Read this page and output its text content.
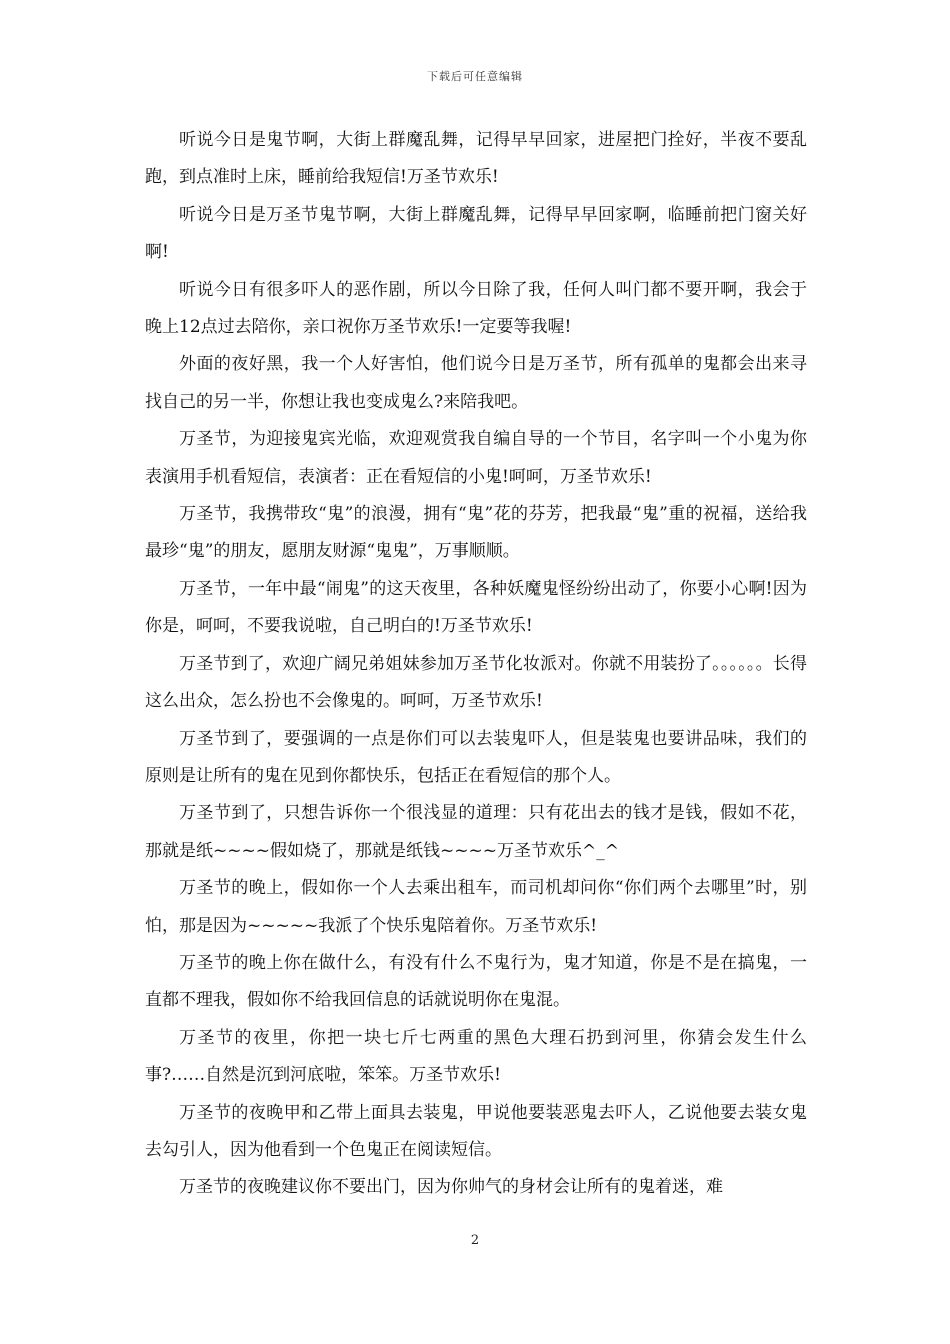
下载后可任意编辑

听说今日是鬼节啊，大街上群魔乱舞，记得早早回家，进屋把门拴好，半夜不要乱跑，到点准时上床，睡前给我短信!万圣节欢乐!

听说今日是万圣节鬼节啊，大街上群魔乱舞，记得早早回家啊，临睡前把门窗关好啊!

听说今日有很多吓人的恶作剧，所以今日除了我，任何人叫门都不要开啊，我会于晚上12点过去陪你，亲口祝你万圣节欢乐!一定要等我喔!

外面的夜好黑，我一个人好害怕，他们说今日是万圣节，所有孤单的鬼都会出来寻找自己的另一半，你想让我也变成鬼么?来陪我吧。

万圣节，为迎接鬼宾光临，欢迎观赏我自编自导的一个节目，名字叫一个小鬼为你表演用手机看短信，表演者：正在看短信的小鬼!呵呵，万圣节欢乐!

万圣节，我携带玫“鬼”的浪漫，拥有“鬼”花的芬芳，把我最“鬼”重的祝福，送给我最珍“鬼”的朋友，愿朋友财源“鬼鬼”，万事顺顺。

万圣节，一年中最“闹鬼”的这天夜里，各种妖魔鬼怪纷纷出动了，你要小心啊!因为你是，呵呵，不要我说啦，自己明白的!万圣节欢乐!

万圣节到了，欢迎广阔兄弟姐妹参加万圣节化妆派对。你就不用装扮了。。。。。。长得这么出众，怎么扮也不会像鬼的。呵呵，万圣节欢乐!

万圣节到了，要强调的一点是你们可以去装鬼吓人，但是装鬼也要讲品味，我们的原则是让所有的鬼在见到你都快乐，包括正在看短信的那个人。

万圣节到了，只想告诉你一个很浅显的道理：只有花出去的钱才是钱，假如不花，那就是纸~~~~假如烧了，那就是纸钱~~~~万圣节欢乐^_^

万圣节的晚上，假如你一个人去乘出租车，而司机却问你“你们两个去哪里”时，别怕，那是因为~~~~~我派了个快乐鬼陪着你。万圣节欢乐!

万圣节的晚上你在做什么，有没有什么不鬼行为，鬼才知道，你是不是在搞鬼，一直都不理我，假如你不给我回信息的话就说明你在鬼混。

万圣节的夜里，你把一块七斤七两重的黑色大理石扔到河里，你猜会发生什么事?……自然是沉到河底啦，笨笨。万圣节欢乐!

万圣节的夜晚甲和乙带上面具去装鬼，甲说他要装恶鬼去吓人，乙说他要去装女鬼去勾引人，因为他看到一个色鬼正在阅读短信。

万圣节的夜晚建议你不要出门，因为你帅气的身材会让所有的鬼着迷，难

2
